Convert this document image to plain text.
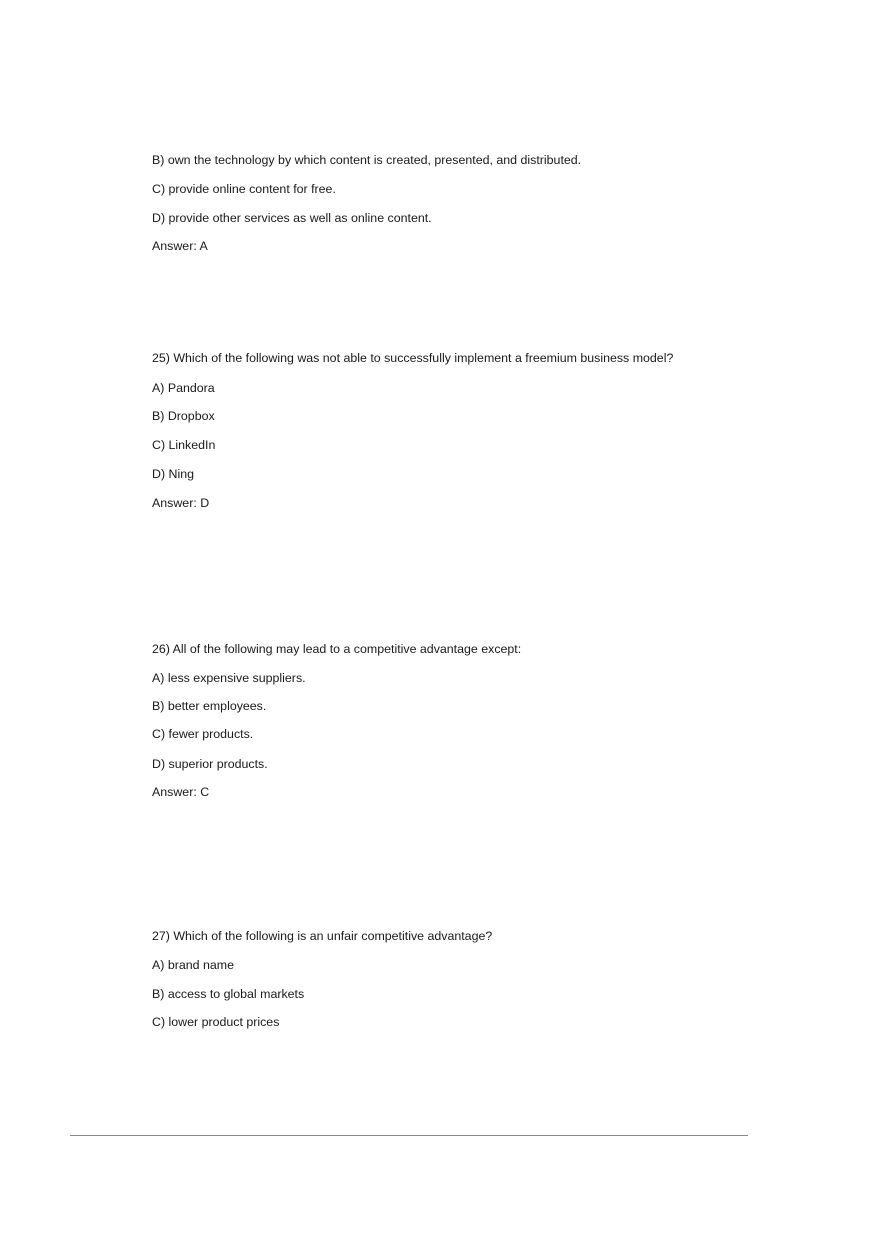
B) own the technology by which content is created, presented, and distributed.
C) provide online content for free.
D) provide other services as well as online content.
Answer: A
25) Which of the following was not able to successfully implement a freemium business model?
A) Pandora
B) Dropbox
C) LinkedIn
D) Ning
Answer: D
26) All of the following may lead to a competitive advantage except:
A) less expensive suppliers.
B) better employees.
C) fewer products.
D) superior products.
Answer: C
27) Which of the following is an unfair competitive advantage?
A) brand name
B) access to global markets
C) lower product prices
